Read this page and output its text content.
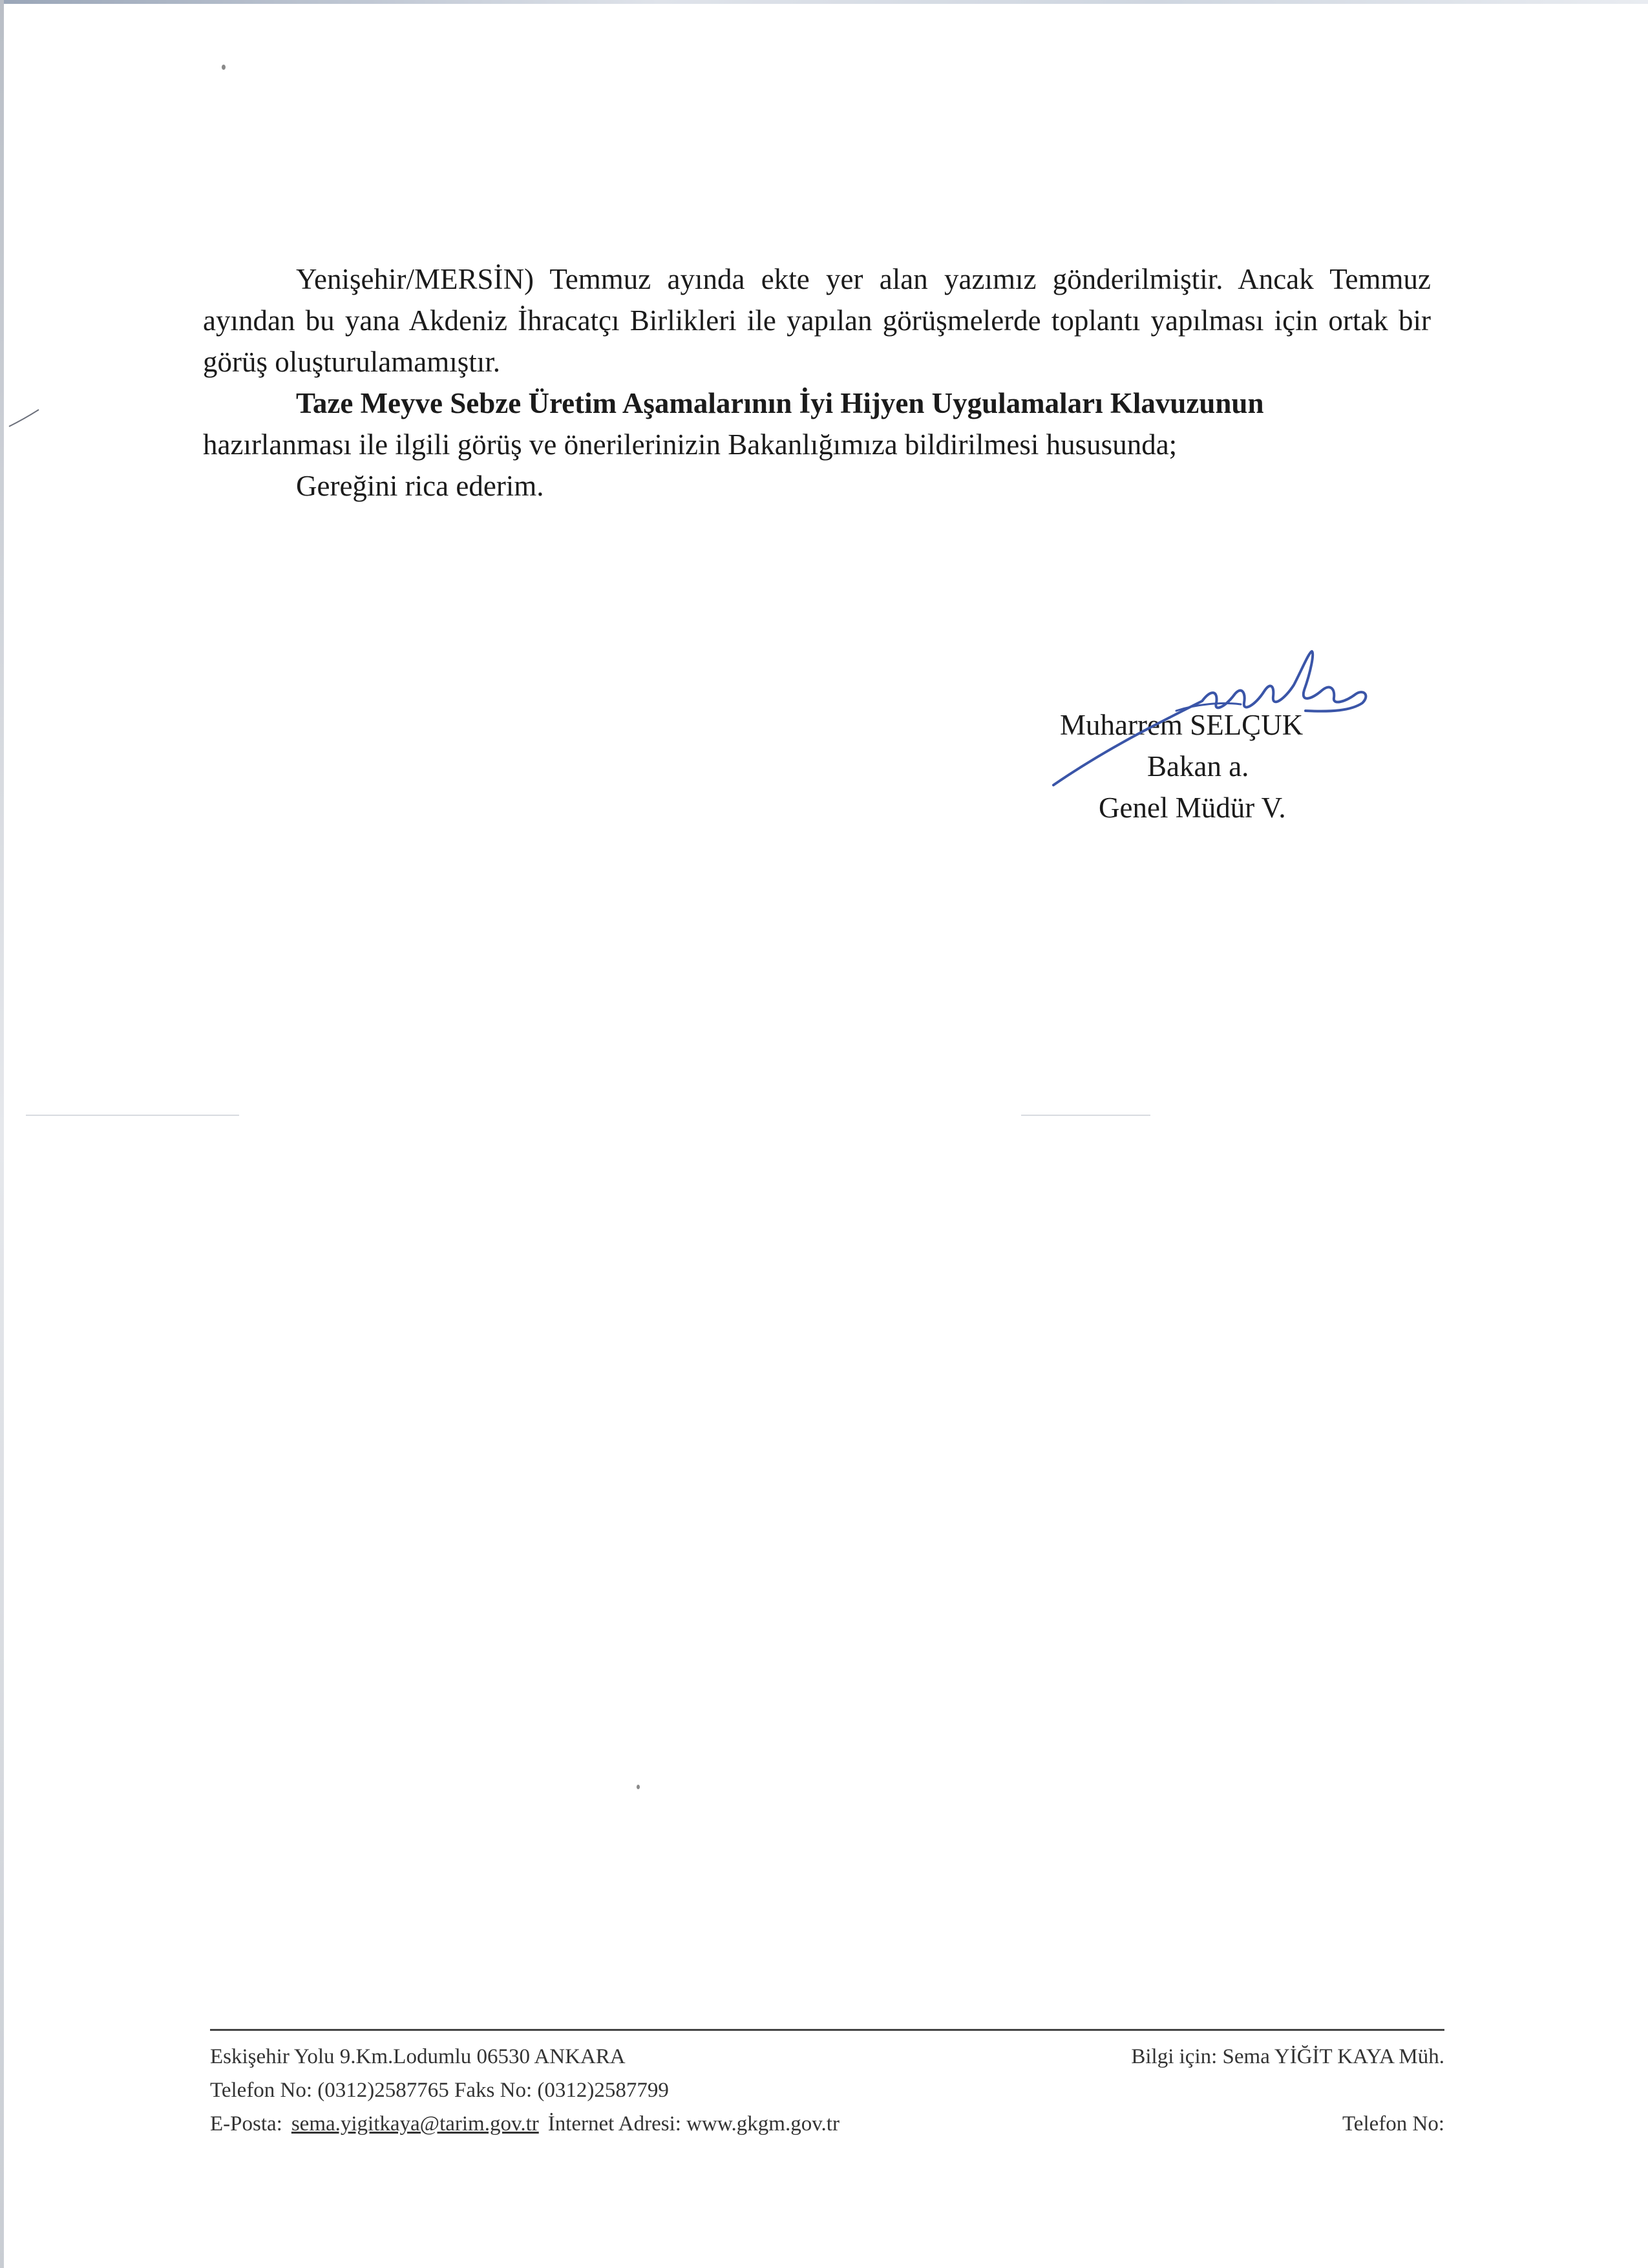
Yenişehir/MERSİN) Temmuz ayında ekte yer alan yazımız gönderilmiştir. Ancak Temmuz ayından bu yana Akdeniz İhracatçı Birlikleri ile yapılan görüşmelerde toplantı yapılması için ortak bir görüş oluşturulamamıştır.

Taze Meyve Sebze Üretim Aşamalarının İyi Hijyen Uygulamaları Klavuzunun

hazırlanması ile ilgili görüş ve önerilerinizin Bakanlığımıza bildirilmesi hususunda;

Gereğini rica ederim.

Muharrem SELÇUK
Bakan a.
Genel Müdür V.
Eskişehir Yolu 9.Km.Lodumlu 06530 ANKARA	Bilgi için: Sema YİĞİT KAYA Müh.
Telefon No: (0312)2587765 Faks No: (0312)2587799
E-Posta: sema.yigitkaya@tarim.gov.tr İnternet Adresi: www.gkgm.gov.tr	Telefon No:
